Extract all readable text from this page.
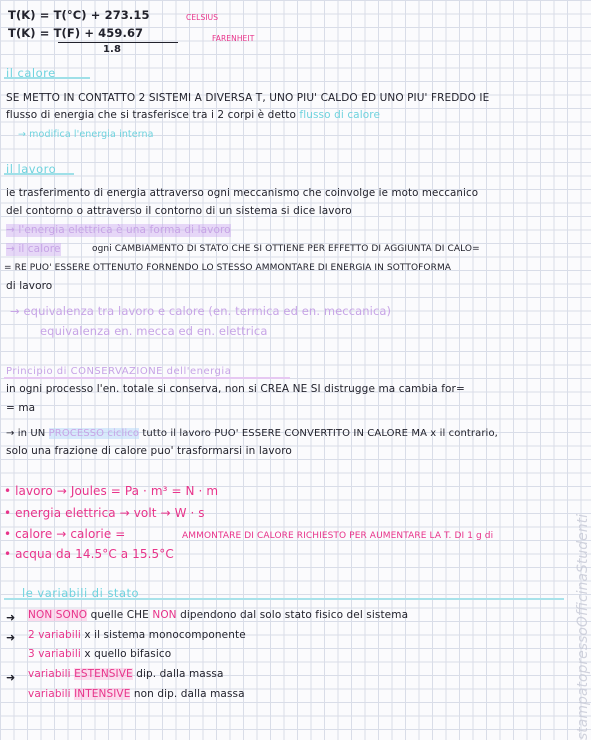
T(K) = T(°C) + 273.15	CELSIUS
T(K) = T(F) + 459.67
1.8
FARENHEIT
il calore
SE METTO IN CONTATTO 2 SISTEMI A DIVERSA T, UNO PIU' CALDO ED UNO PIU' FREDDO IE
flusso di energia che si trasferisce tra i 2 corpi è detto flusso di calore
→ modifica l'energia interna
il lavoro
ie trasferimento di energia attraverso ogni meccanismo che coinvolge ie moto meccanico
del contorno o attraverso il contorno di un sistema si dice lavoro
→ l'energia elettrica è una forma di lavoro
→ il calore	ogni CAMBIAMENTO DI STATO CHE SI OTTIENE PER EFFETTO DI AGGIUNTA DI CALO=
= RE PUO' ESSERE OTTENUTO FORNENDO LO STESSO AMMONTARE DI ENERGIA IN SOTTOFORMA
di lavoro
→ equivalenza tra lavoro e calore (en. termica ed en. meccanica)
equivalenza en. mecca ed en. elettrica
Principio di CONSERVAZIONE dell'energia
in ogni processo l'en. totale si conserva, non si CREA NE SI distrugge ma cambia for=
= ma
→ in UN PROCESSO ciclico tutto il lavoro PUO' ESSERE CONVERTITO IN CALORE MA x il contrario,
solo una frazione di calore puo' trasformarsi in lavoro
• lavoro → Joules = Pa · m³ = N · m
• energia elettrica → volt → W · s
• calore → calorie =	AMMONTARE DI CALORE RICHIESTO PER AUMENTARE LA T. DI 1 g di
• acqua da 14.5°C a 15.5°C
le variabili di stato
➜ NON SONO quelle CHE NON dipendono dal solo stato fisico del sistema
➜ 2 variabili x il sistema monocomponente
3 variabili x quello bifasico
➜ variabili ESTENSIVE dip. dalla massa
variabili INTENSIVE non dip. dalla massa	stampatopressoOfficinaStudenti
